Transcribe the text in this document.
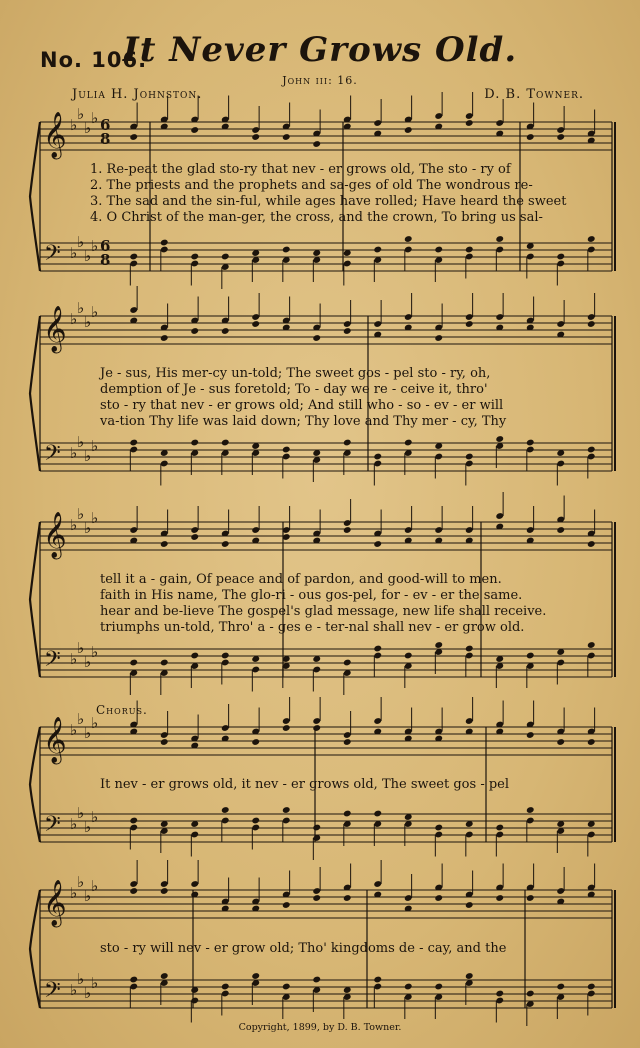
No. 106.
It Never Grows Old.
John iii: 16.
Julia H. Johnston.	D. B. Towner.
𝄞
𝄢
♭
♭
♭
♭
♭
♭
♭
♭
𝄞
𝄢
♭
♭
♭
♭
♭
♭
♭
♭
𝄞
𝄢
♭
♭
♭
♭
♭
♭
♭
♭
𝄞
𝄢
♭
♭
♭
♭
♭
♭
♭
♭
𝄞
𝄢
♭
♭
♭
♭
♭
♭
♭
♭
6
8
6
8
1. Re-peat the glad sto-ry that nev - er grows old, The sto - ry of
2. The priests and the prophets and sa-ges of old The wondrous re-
3. The sad and the sin-ful, while ages have rolled; Have heard the sweet
4. O Christ of the man-ger, the cross, and the crown, To bring us sal-
Je - sus, His mer-cy un-told; The sweet gos - pel sto - ry, oh,
demption of Je - sus foretold; To - day we re - ceive it, thro'
sto - ry that nev - er grows old; And still who - so - ev - er will
va-tion Thy life was laid down; Thy love and Thy mer - cy, Thy
tell it a - gain, Of peace and of pardon, and good-will to men.
faith in His name, The glo-ri - ous gos-pel, for - ev - er the same.
hear and be-lieve The gospel's glad message, new life shall receive.
triumphs un-told, Thro' a - ges e - ter-nal shall nev - er grow old.
Chorus.
It nev - er grows old, it nev - er grows old, The sweet gos - pel
sto - ry will nev - er grow old; Tho' kingdoms de - cay, and the
Copyright, 1899, by D. B. Towner.
